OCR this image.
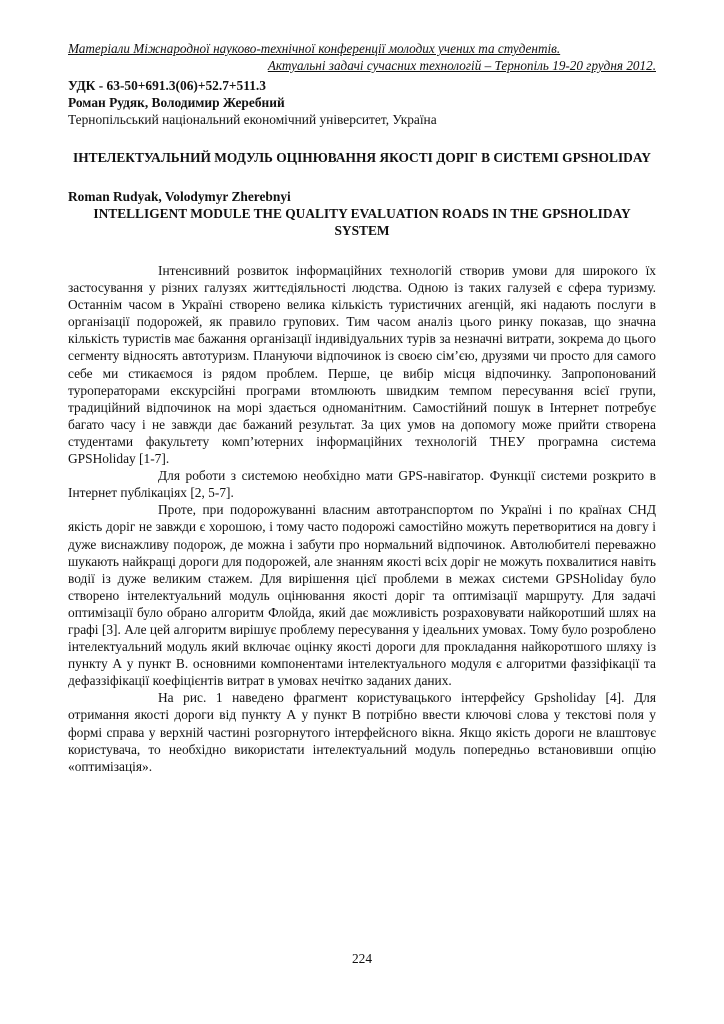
Матеріали Міжнародної науково-технічної конференції молодих учених та студентів.
Актуальні задачі сучасних технологій – Тернопіль 19-20 грудня 2012.
УДК - 63-50+691.3(06)+52.7+511.3
Роман Рудяк, Володимир Жеребний
Тернопільський національний економічний університет, Україна
ІНТЕЛЕКТУАЛЬНИЙ МОДУЛЬ ОЦІНЮВАННЯ ЯКОСТІ ДОРІГ В СИСТЕМІ GPSHOLIDAY
Roman Rudyak, Volodymyr Zherebnyi
INTELLIGENT MODULE THE QUALITY EVALUATION ROADS IN THE GPSHOLIDAY SYSTEM

Інтенсивний розвиток інформаційних технологій створив умови для широкого їх застосування у різних галузях життєдіяльності людства. Одною із таких галузей є сфера туризму. Останнім часом в Україні створено велика кількість туристичних агенцій, які надають послуги в організації подорожей, як правило групових. Тим часом аналіз цього ринку показав, що значна кількість туристів має бажання організації індивідуальних турів за незначні витрати, зокрема до цього сегменту відносять автотуризм. Плануючи відпочинок із своєю сім’єю, друзями чи просто для самого себе ми стикаємося із рядом проблем. Перше, це вибір місця відпочинку. Запропонований туроператорами екскурсійні програми втомлюють швидким темпом пересування всієї групи, традиційний відпочинок на морі здається одноманітним. Самостійний пошук в Інтернет потребує багато часу і не завжди дає бажаний результат. За цих умов на допомогу може прийти створена студентами факультету комп’ютерних інформаційних технологій ТНЕУ програмна система GPSHoliday [1-7].

Для роботи з системою необхідно мати GPS-навігатор. Функції системи розкрито в Інтернет публікаціях [2, 5-7].

Проте, при подорожуванні власним автотранспортом по Україні і по країнах СНД якість доріг не завжди є хорошою, і тому часто подорожі самостійно можуть перетворитися на довгу і дуже виснажливу подорож, де можна і забути про нормальний відпочинок. Автолюбителі переважно шукають найкращі дороги для подорожей, але знанням якості всіх доріг не можуть похвалитися навіть водії із дуже великим стажем. Для вирішення цієї проблеми в межах системи GPSHoliday було створено інтелектуальний модуль оцінювання якості доріг та оптимізації маршруту. Для задачі оптимізації було обрано алгоритм Флойда, який дає можливість розраховувати найкоротший шлях на графі [3]. Але цей алгоритм вирішує проблему пересування у ідеальних умовах. Тому було розроблено інтелектуальний модуль який включає оцінку якості дороги для прокладання найкоротшого шляху із пункту А у пункт В. основними компонентами інтелектуального модуля є алгоритми фаззіфікації та дефаззіфікації коефіцієнтів витрат в умовах нечітко заданих даних.

На рис. 1 наведено фрагмент користувацького інтерфейсу Gpsholiday [4]. Для отримання якості дороги від пункту А у пункт В потрібно ввести ключові слова у текстові поля у формі справа у верхній частині розгорнутого інтерфейсного вікна. Якщо якість дороги не влаштовує користувача, то необхідно використати інтелектуальний модуль попередньо встановивши опцію «оптимізація».

224
